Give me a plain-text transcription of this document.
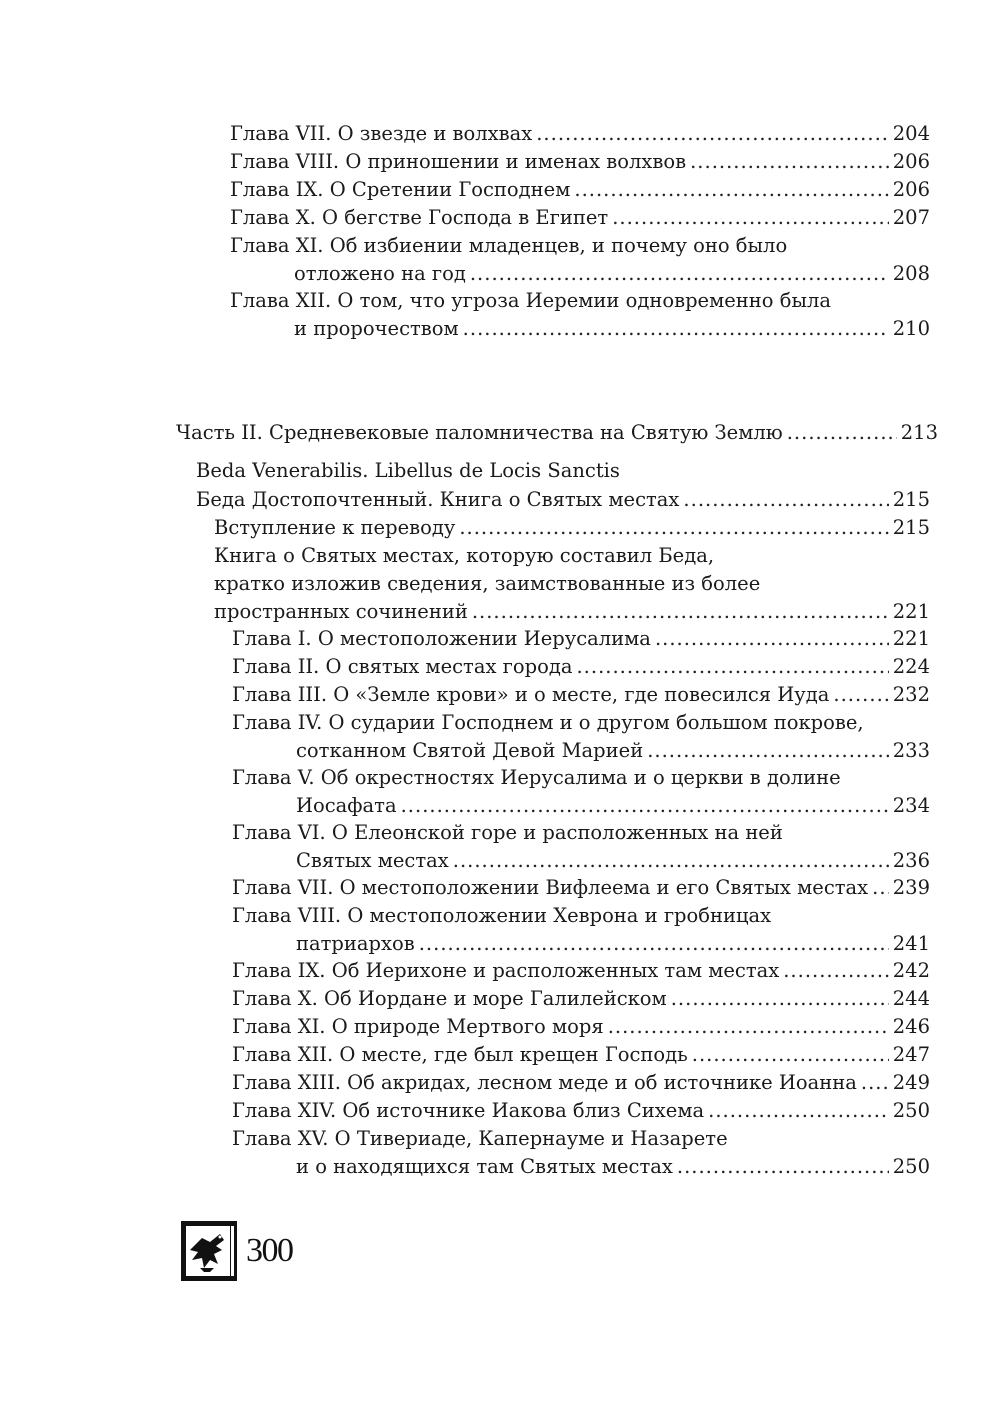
Глава VII. О звезде и волхвах .....	204
Глава VIII. О приношении и именах волхвов .....	206
Глава IX. О Сретении Господнем .....	206
Глава X. О бегстве Господа в Египет .....	207
Глава XI. Об избиении младенцев, и почему оно было
отложено на год .....	208
Глава XII. О том, что угроза Иеремии одновременно была
и пророчеством .....	210
Часть II. Средневековые паломничества на Святую Землю .....	213
Беда Достопочтенный. Книга о Святых местах .....	215
Вступление к переводу .....	215
Книга о Святых местах, которую составил Беда,
кратко изложив сведения, заимствованные из более
пространных сочинений .....	221
Глава I. О местоположении Иерусалима .....	221
Глава II. О святых местах города .....	224
Глава III. О «Земле крови» и о месте, где повесился Иуда .....	232
Глава IV. О сударии Господнем и о другом большом покрове,
сотканном Святой Девой Марией .....	233
Глава V. Об окрестностях Иерусалима и о церкви в долине
Иосафата .....	234
Глава VI. О Елеонской горе и расположенных на ней
Святых местах .....	236
Глава VII. О местоположении Вифлеема и его Святых местах ..... 239
Глава VIII. О местоположении Хеврона и гробницах
патриархов .....	241
Глава IX. Об Иерихоне и расположенных там местах .....	242
Глава X. Об Иордане и море Галилейском .....	244
Глава XI. О природе Мертвого моря .....	246
Глава XII. О месте, где был крещен Господь .....	247
Глава XIII. Об акридах, лесном меде и об источнике Иоанна ..... 249
Глава XIV. Об источнике Иакова близ Сихема .....	250
Глава XV. О Тивериаде, Капернауме и Назарете
и о находящихся там Святых местах .....	250
Beda Venerabilis. Libellus de Locis Sanctis
300
